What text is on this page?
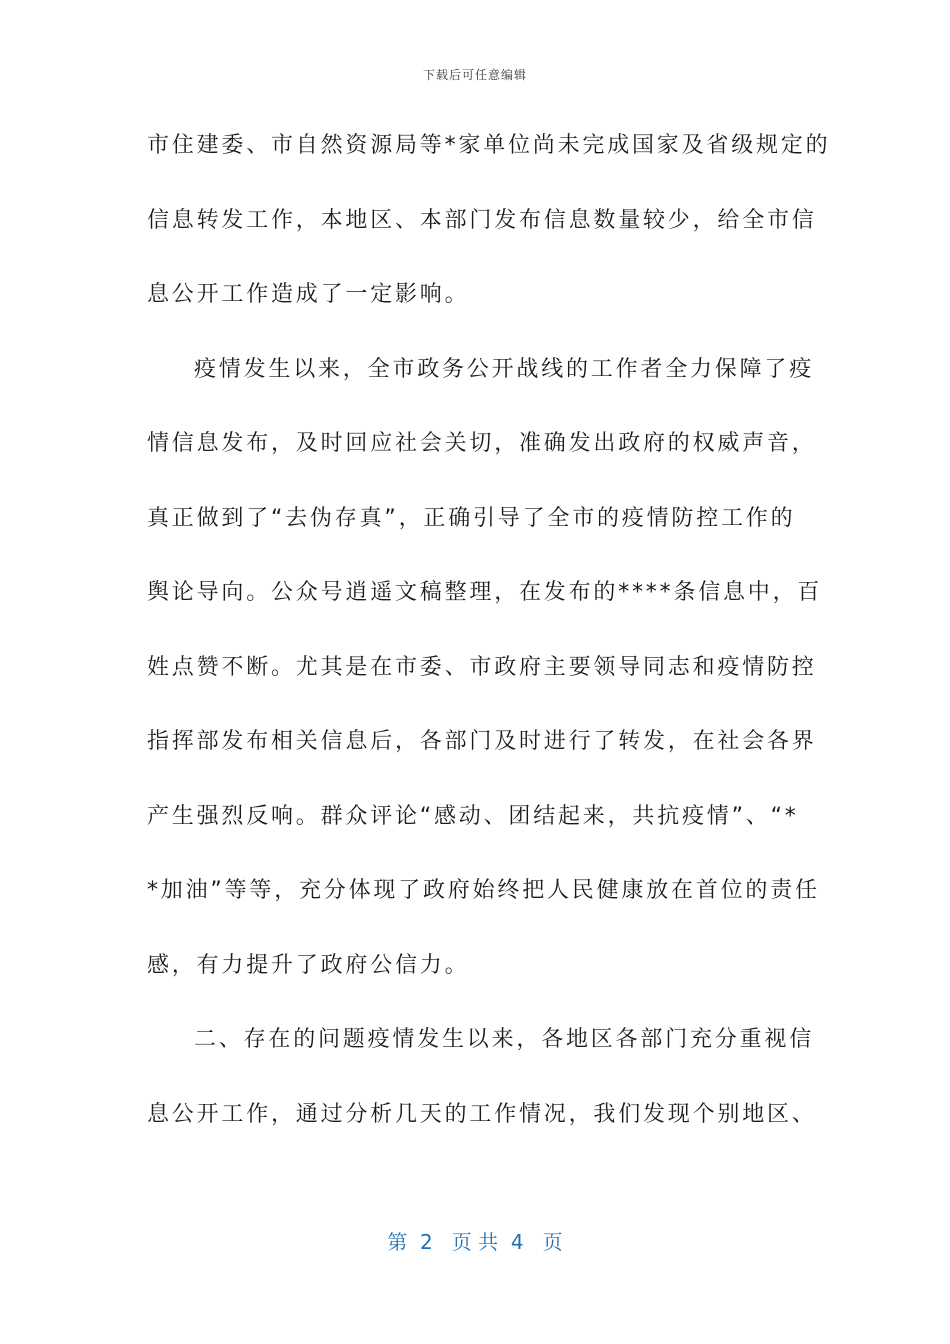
下载后可任意编辑
市住建委、市自然资源局等*家单位尚未完成国家及省级规定的
信息转发工作，本地区、本部门发布信息数量较少，给全市信
息公开工作造成了一定影响。
疫情发生以来，全市政务公开战线的工作者全力保障了疫
情信息发布，及时回应社会关切，准确发出政府的权威声音，
真正做到了“去伪存真”，正确引导了全市的疫情防控工作的
舆论导向。公众号逍遥文稿整理，在发布的****条信息中，百
姓点赞不断。尤其是在市委、市政府主要领导同志和疫情防控
指挥部发布相关信息后，各部门及时进行了转发，在社会各界
产生强烈反响。群众评论“感动、团结起来，共抗疫情”、“*
*加油”等等，充分体现了政府始终把人民健康放在首位的责任
感，有力提升了政府公信力。
二、存在的问题疫情发生以来，各地区各部门充分重视信
息公开工作，通过分析几天的工作情况，我们发现个别地区、
第  2   页 共  4   页
